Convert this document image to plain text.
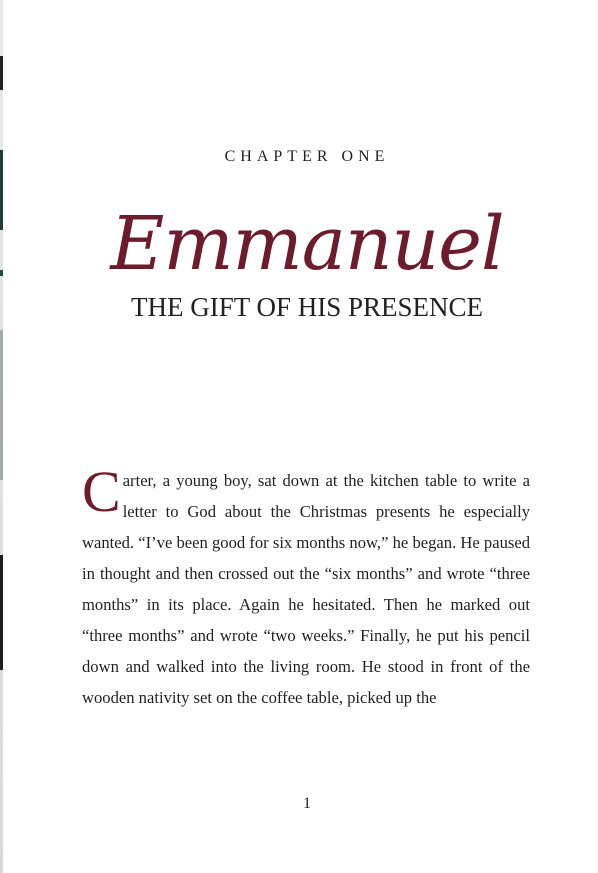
CHAPTER ONE
Emmanuel
THE GIFT OF HIS PRESENCE
Carter, a young boy, sat down at the kitchen table to write a letter to God about the Christmas presents he especially wanted. “I’ve been good for six months now,” he began. He paused in thought and then crossed out the “six months” and wrote “three months” in its place. Again he hesitated. Then he marked out “three months” and wrote “two weeks.” Finally, he put his pencil down and walked into the living room. He stood in front of the wooden nativity set on the coffee table, picked up the
1
